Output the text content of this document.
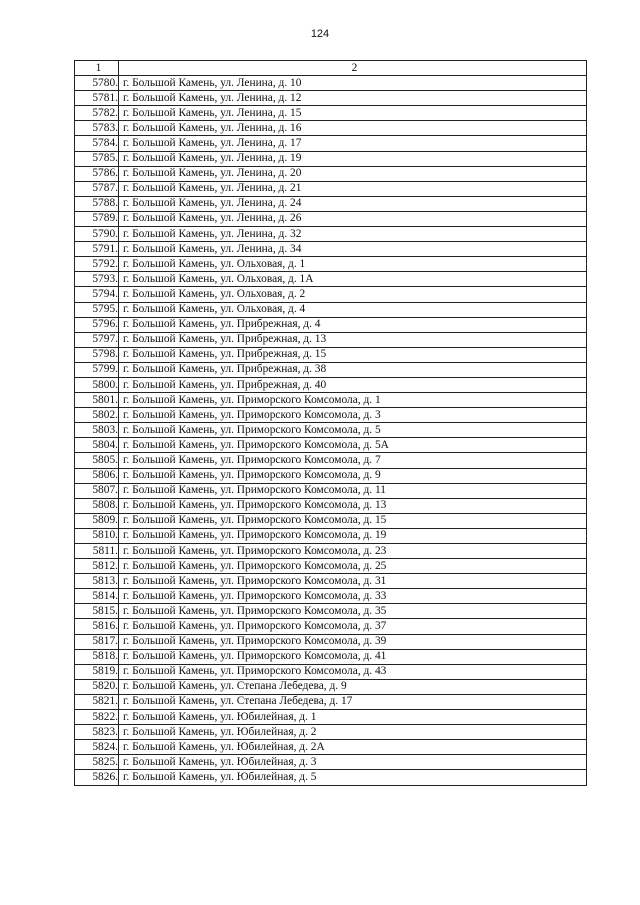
124
1	2
5780.	г. Большой Камень, ул. Ленина, д. 10
5781.	г. Большой Камень, ул. Ленина, д. 12
5782.	г. Большой Камень, ул. Ленина, д. 15
5783.	г. Большой Камень, ул. Ленина, д. 16
5784.	г. Большой Камень, ул. Ленина, д. 17
5785.	г. Большой Камень, ул. Ленина, д. 19
5786.	г. Большой Камень, ул. Ленина, д. 20
5787.	г. Большой Камень, ул. Ленина, д. 21
5788.	г. Большой Камень, ул. Ленина, д. 24
5789.	г. Большой Камень, ул. Ленина, д. 26
5790.	г. Большой Камень, ул. Ленина, д. 32
5791.	г. Большой Камень, ул. Ленина, д. 34
5792.	г. Большой Камень, ул. Ольховая, д. 1
5793.	г. Большой Камень, ул. Ольховая, д. 1А
5794.	г. Большой Камень, ул. Ольховая, д. 2
5795.	г. Большой Камень, ул. Ольховая, д. 4
5796.	г. Большой Камень, ул. Прибрежная, д. 4
5797.	г. Большой Камень, ул. Прибрежная, д. 13
5798.	г. Большой Камень, ул. Прибрежная, д. 15
5799.	г. Большой Камень, ул. Прибрежная, д. 38
5800.	г. Большой Камень, ул. Прибрежная, д. 40
5801.	г. Большой Камень, ул. Приморского Комсомола, д. 1
5802.	г. Большой Камень, ул. Приморского Комсомола, д. 3
5803.	г. Большой Камень, ул. Приморского Комсомола, д. 5
5804.	г. Большой Камень, ул. Приморского Комсомола, д. 5А
5805.	г. Большой Камень, ул. Приморского Комсомола, д. 7
5806.	г. Большой Камень, ул. Приморского Комсомола, д. 9
5807.	г. Большой Камень, ул. Приморского Комсомола, д. 11
5808.	г. Большой Камень, ул. Приморского Комсомола, д. 13
5809.	г. Большой Камень, ул. Приморского Комсомола, д. 15
5810.	г. Большой Камень, ул. Приморского Комсомола, д. 19
5811.	г. Большой Камень, ул. Приморского Комсомола, д. 23
5812.	г. Большой Камень, ул. Приморского Комсомола, д. 25
5813.	г. Большой Камень, ул. Приморского Комсомола, д. 31
5814.	г. Большой Камень, ул. Приморского Комсомола, д. 33
5815.	г. Большой Камень, ул. Приморского Комсомола, д. 35
5816.	г. Большой Камень, ул. Приморского Комсомола, д. 37
5817.	г. Большой Камень, ул. Приморского Комсомола, д. 39
5818.	г. Большой Камень, ул. Приморского Комсомола, д. 41
5819.	г. Большой Камень, ул. Приморского Комсомола, д. 43
5820.	г. Большой Камень, ул. Степана Лебедева, д. 9
5821.	г. Большой Камень, ул. Степана Лебедева, д. 17
5822.	г. Большой Камень, ул. Юбилейная, д. 1
5823.	г. Большой Камень, ул. Юбилейная, д. 2
5824.	г. Большой Камень, ул. Юбилейная, д. 2А
5825.	г. Большой Камень, ул. Юбилейная, д. 3
5826.	г. Большой Камень, ул. Юбилейная, д. 5
